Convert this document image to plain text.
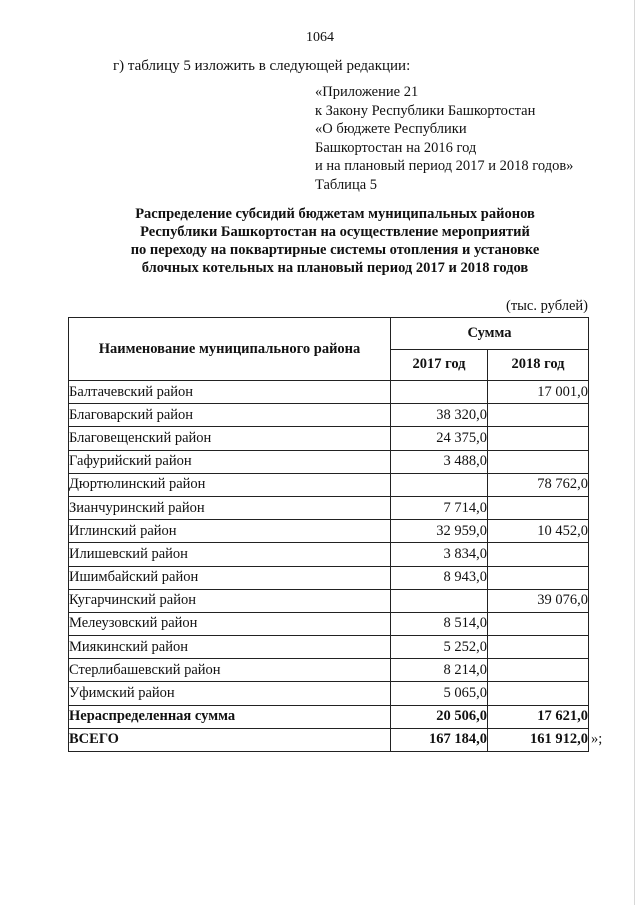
1064
г) таблицу 5 изложить в следующей редакции:
«Приложение 21
к Закону Республики Башкортостан
«О бюджете Республики
Башкортостан на 2016 год
и на плановый период 2017 и 2018 годов»
Таблица 5
Распределение субсидий бюджетам муниципальных районов
Республики Башкортостан на осуществление мероприятий
по переходу на поквартирные системы отопления и установке
блочных котельных на плановый период 2017 и 2018 годов
(тыс. рублей)
Наименование муниципального района	Сумма	
	2017 год	2018 год
Балтачевский район		17 001,0
Благоварский район	38 320,0	
Благовещенский район	24 375,0	
Гафурийский район	3 488,0	
Дюртюлинский район		78 762,0
Зианчуринский район	7 714,0	
Иглинский район	32 959,0	10 452,0
Илишевский район	3 834,0	
Ишимбайский район	8 943,0	
Кугарчинский район		39 076,0
Мелеузовский район	8 514,0	
Миякинский район	5 252,0	
Стерлибашевский район	8 214,0	
Уфимский район	5 065,0	
Нераспределенная сумма	20 506,0	17 621,0
ВСЕГО	167 184,0	161 912,0 »;
